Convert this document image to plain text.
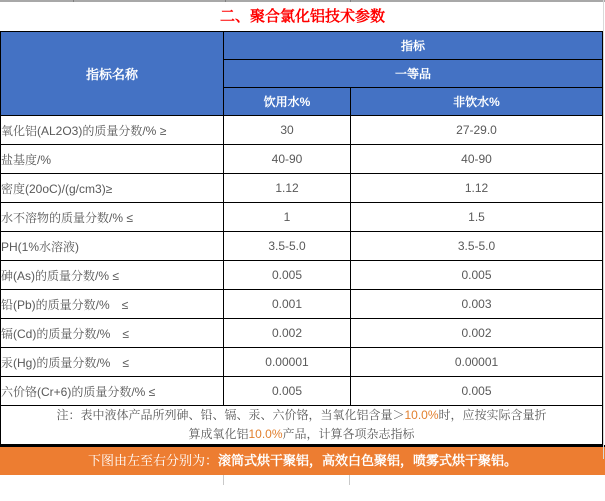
二、聚合氯化铝技术参数
指标名称	指标	
	一等品	
	饮用水%	非饮水%
氧化铝(AL2O3)的质量分数/% ≥	30	27-29.0
盐基度/%	40-90	40-90
密度(20oC)/(g/cm3)≥	1.12	1.12
水不溶物的质量分数/% ≤	1	1.5
PH(1%水溶液)	3.5-5.0	3.5-5.0
砷(As)的质量分数/% ≤	0.005	0.005
铅(Pb)的质量分数/%　≤	0.001	0.003
镉(Cd)的质量分数/%　≤	0.002	0.002
汞(Hg)的质量分数/%　≤	0.00001	0.00001
六价铬(Cr+6)的质量分数/% ≤	0.005	0.005

注：表中液体产品所列砷、铅、镉、汞、六价铬，当氧化铝含量＞10.0%时，应按实际含量折
算成氧化铝10.0%产品，计算各项杂志指标		
下图由左至右分别为：滚筒式烘干聚铝，高效白色聚铝，喷雾式烘干聚铝。
